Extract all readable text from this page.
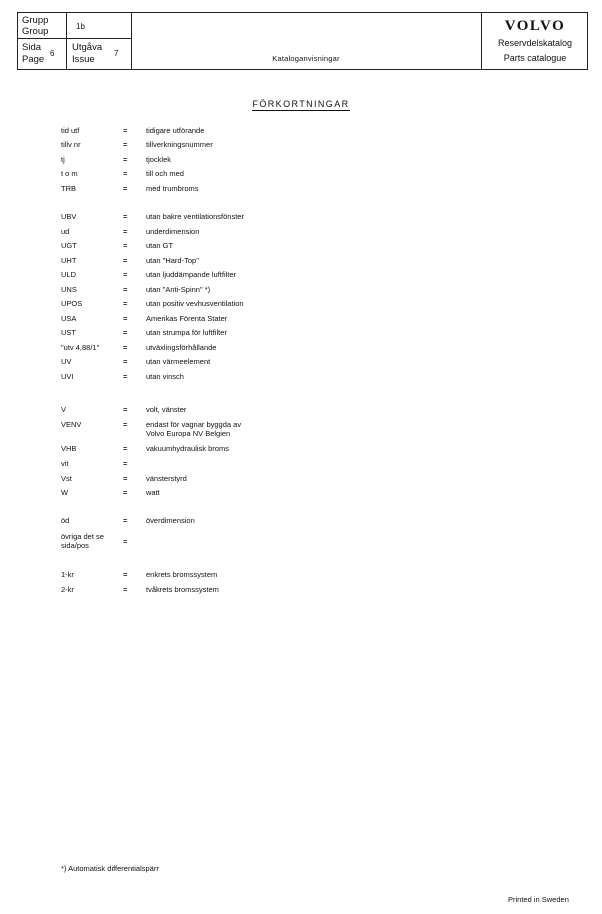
Grupp
Group	1b
Sida
Page
6
Utgåva
Issue
7
Kataloganvisningar
VOLVO
Reservdelskatalog
Parts catalogue
FÖRKORTNINGAR
tid utf	=	tidigare utförande
tillv nr	=	tillverkningsnummer
tj	=	tjocklek
t o m	=	till och med
TRB	=	med trumbroms
UBV	=	utan bakre ventilationsfönster
ud	=	underdimension
UGT	=	utan GT
UHT	=	utan "Hard-Top"
ULD	=	utan ljuddämpande luftfilter
UNS	=	utan "Anti-Spinn" *)
UPOS	=	utan positiv vevhusventilation
USA	=	Amerikas Förenta Stater
UST	=	utan strumpa för luftfilter
"utv 4,88/1"	=	utväxlingsförhållande
UV	=	utan värmeelement
UVI	=	utan vinsch
V	=	volt, vänster
VENV	=	endast för vagnar byggda av
Volvo Europa NV Belgien
VHB	=	vakuumhydraulisk broms
vit	=
Vst	=	vänsterstyrd
W	=	watt
öd	=	överdimension
övriga det se
sida/pos	=
1-kr	=	enkrets bromssystem
2-kr	=	tvåkrets bromssystem
*) Automatisk differentialspärr
Printed in Sweden
